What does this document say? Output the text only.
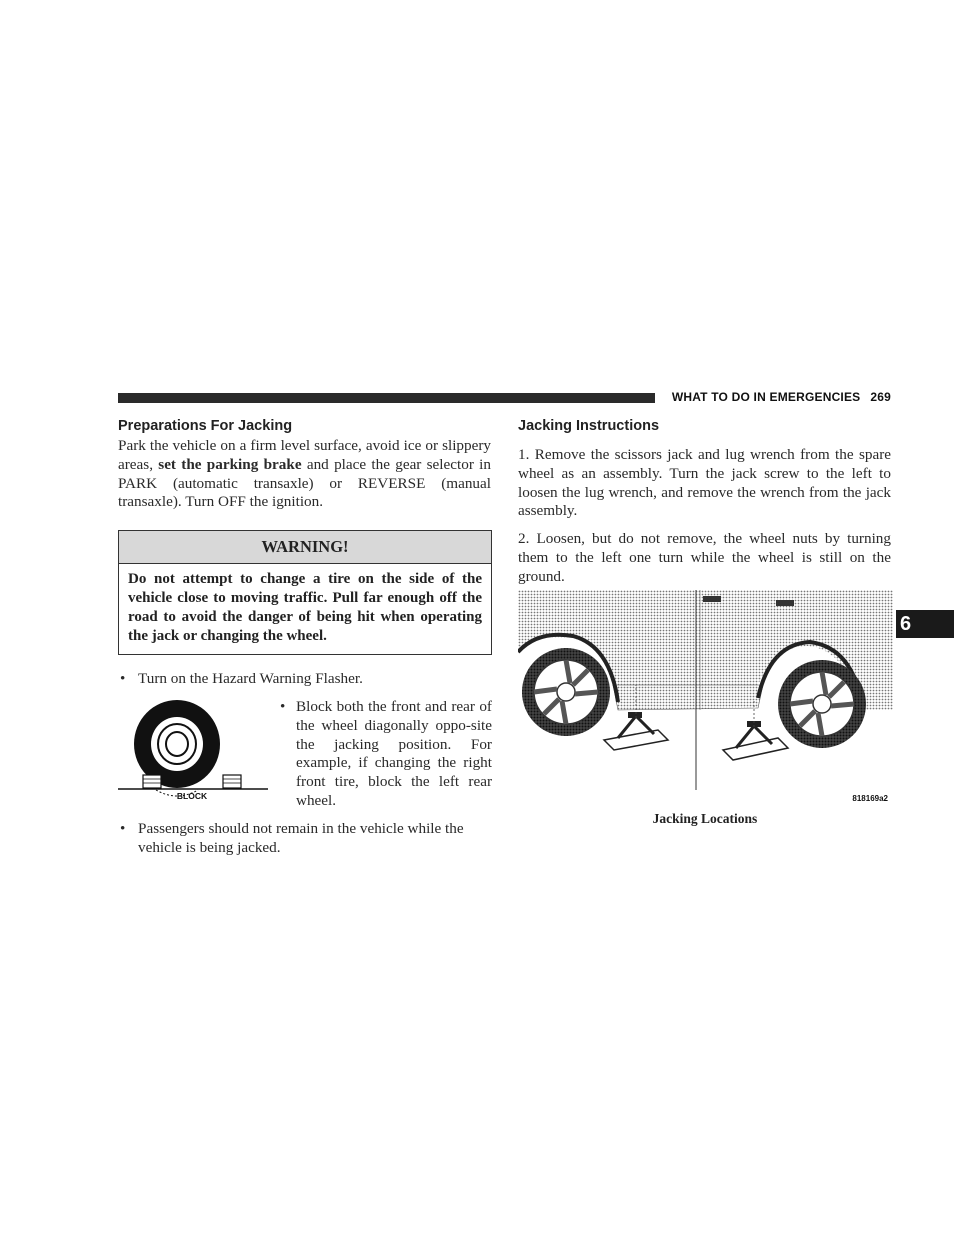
WHAT TO DO IN EMERGENCIES 269
6
Preparations For Jacking
Park the vehicle on a firm level surface, avoid ice or slippery areas, set the parking brake and place the gear selector in PARK (automatic transaxle) or REVERSE (manual transaxle). Turn OFF the ignition.
WARNING!
Do not attempt to change a tire on the side of the vehicle close to moving traffic. Pull far enough off the road to avoid the danger of being hit when operating the jack or changing the wheel.
• Turn on the Hazard Warning Flasher.
BLOCK
• Block both the front and rear of the wheel diagonally oppo-site the jacking position. For example, if changing the right front tire, block the left rear wheel.
• Passengers should not remain in the vehicle while the vehicle is being jacked.
Jacking Instructions
1. Remove the scissors jack and lug wrench from the spare wheel as an assembly. Turn the jack screw to the left to loosen the lug wrench, and remove the wrench from the jack assembly.
2. Loosen, but do not remove, the wheel nuts by turning them to the left one turn while the wheel is still on the ground.
818169a2
Jacking Locations
